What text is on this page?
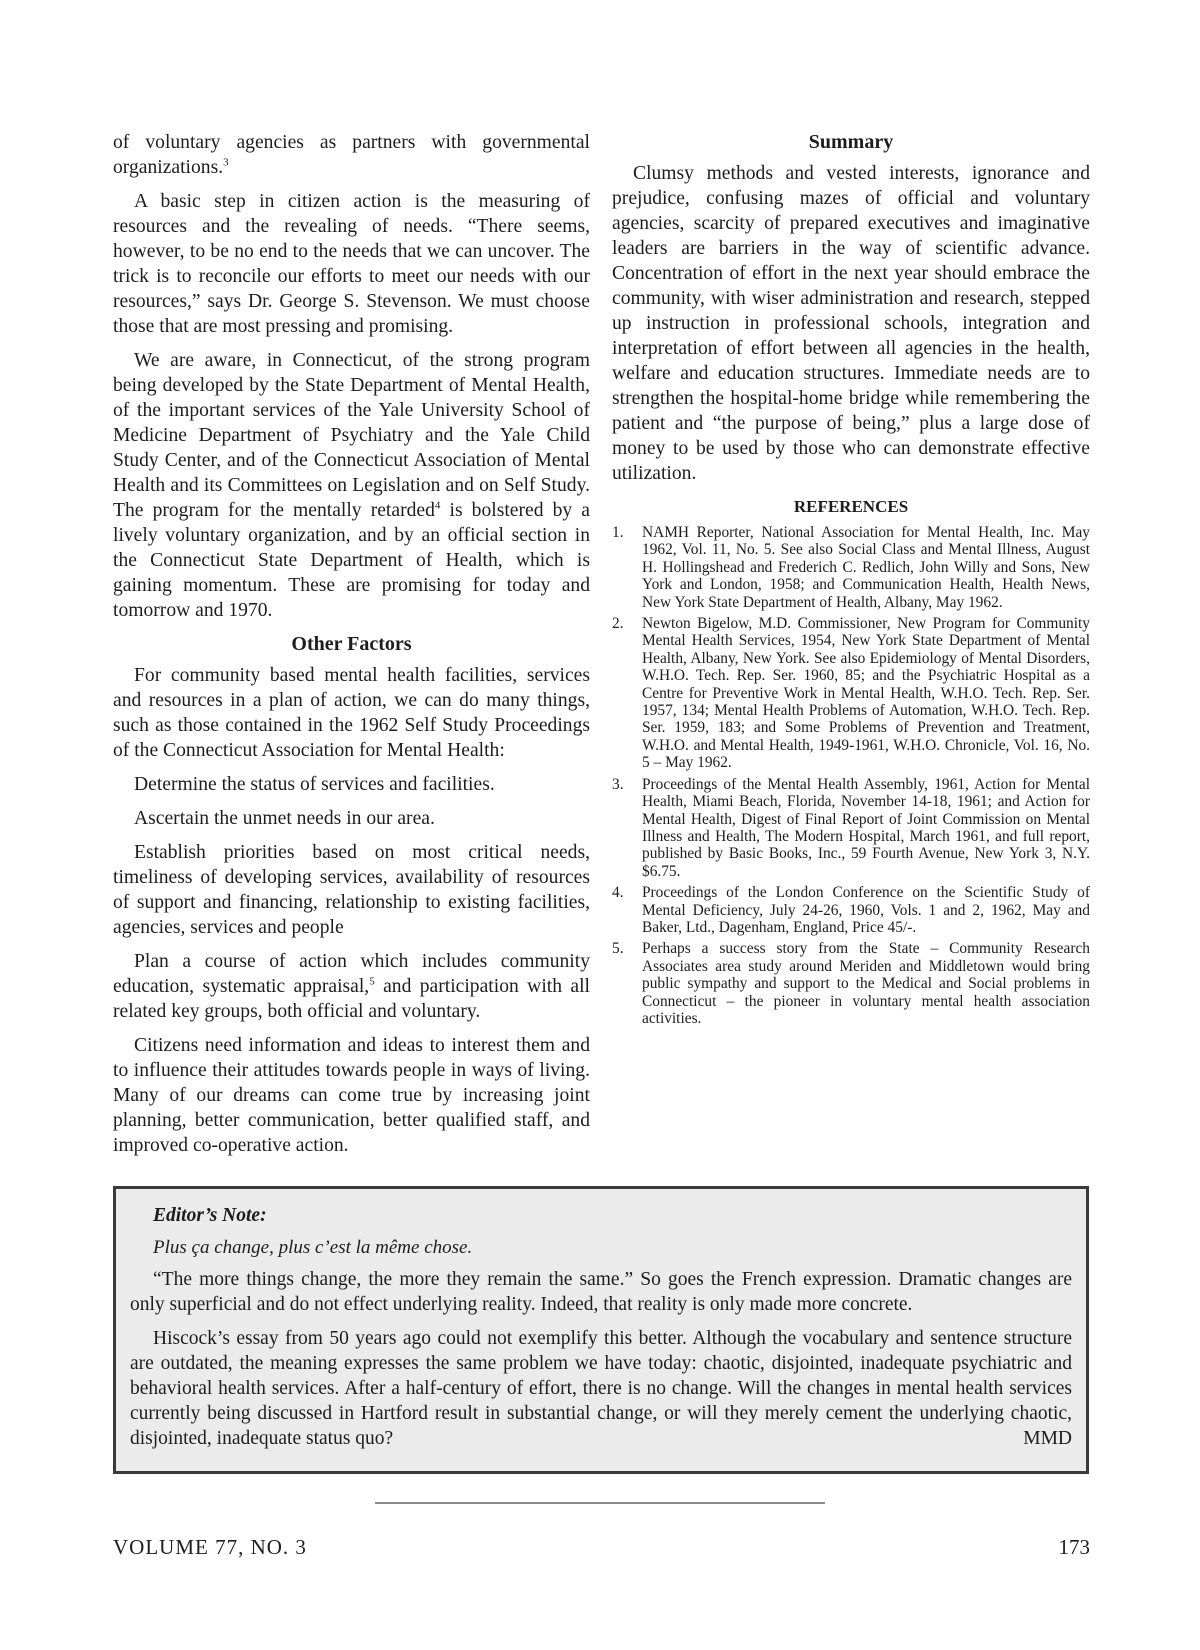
of voluntary agencies as partners with governmental organizations.$^3$

A basic step in citizen action is the measuring of resources and the revealing of needs. “There seems, however, to be no end to the needs that we can uncover. The trick is to reconcile our efforts to meet our needs with our resources,” says Dr. George S. Stevenson. We must choose those that are most pressing and promising.

We are aware, in Connecticut, of the strong program being developed by the State Department of Mental Health, of the important services of the Yale University School of Medicine Department of Psychiatry and the Yale Child Study Center, and of the Connecticut Association of Mental Health and its Committees on Legislation and on Self Study. The program for the mentally retarded$^4$ is bolstered by a lively voluntary organization, and by an official section in the Connecticut State Department of Health, which is gaining momentum. These are promising for today and tomorrow and 1970.

Other Factors

For community based mental health facilities, services and resources in a plan of action, we can do many things, such as those contained in the 1962 Self Study Proceedings of the Connecticut Association for Mental Health:

Determine the status of services and facilities.

Ascertain the unmet needs in our area.

Establish priorities based on most critical needs, timeliness of developing services, availability of resources of support and financing, relationship to existing facilities, agencies, services and people

Plan a course of action which includes community education, systematic appraisal,$^5$ and participation with all related key groups, both official and voluntary.

Citizens need information and ideas to interest them and to influence their attitudes towards people in ways of living. Many of our dreams can come true by increasing joint planning, better communication, better qualified staff, and improved co-operative action.

Summary

Clumsy methods and vested interests, ignorance and prejudice, confusing mazes of official and voluntary agencies, scarcity of prepared executives and imaginative leaders are barriers in the way of scientific advance. Concentration of effort in the next year should embrace the community, with wiser administration and research, stepped up instruction in professional schools, integration and interpretation of effort between all agencies in the health, welfare and education structures. Immediate needs are to strengthen the hospital-home bridge while remembering the patient and “the purpose of being,” plus a large dose of money to be used by those who can demonstrate effective utilization.

REFERENCES
1.	NAMH Reporter, National Association for Mental Health, Inc. May 1962, Vol. 11, No. 5. See also Social Class and Mental Illness, August H. Hollingshead and Frederich C. Redlich, John Willy and Sons, New York and London, 1958; and Communication Health, Health News, New York State Department of Health, Albany, May 1962.
2.	Newton Bigelow, M.D. Commissioner, New Program for Community Mental Health Services, 1954, New York State Department of Mental Health, Albany, New York. See also Epidemiology of Mental Disorders, W.H.O. Tech. Rep. Ser. 1960, 85; and the Psychiatric Hospital as a Centre for Preventive Work in Mental Health, W.H.O. Tech. Rep. Ser. 1957, 134; Mental Health Problems of Automation, W.H.O. Tech. Rep. Ser. 1959, 183; and Some Problems of Prevention and Treatment, W.H.O. and Mental Health, 1949-1961, W.H.O. Chronicle, Vol. 16, No. 5 – May 1962.
3.	Proceedings of the Mental Health Assembly, 1961, Action for Mental Health, Miami Beach, Florida, November 14-18, 1961; and Action for Mental Health, Digest of Final Report of Joint Commission on Mental Illness and Health, The Modern Hospital, March 1961, and full report, published by Basic Books, Inc., 59 Fourth Avenue, New York 3, N.Y. $6.75.
4.	Proceedings of the London Conference on the Scientific Study of Mental Deficiency, July 24-26, 1960, Vols. 1 and 2, 1962, May and Baker, Ltd., Dagenham, England, Price 45/-.
5.	Perhaps a success story from the State – Community Research Associates area study around Meriden and Middletown would bring public sympathy and support to the Medical and Social problems in Connecticut – the pioneer in voluntary mental health association activities.
Editor’s Note:
Plus ça change, plus c’est la même chose.

“The more things change, the more they remain the same.” So goes the French expression. Dramatic changes are only superficial and do not effect underlying reality. Indeed, that reality is only made more concrete.

Hiscock’s essay from 50 years ago could not exemplify this better. Although the vocabulary and sentence structure are outdated, the meaning expresses the same problem we have today: chaotic, disjointed, inadequate psychiatric and behavioral health services. After a half-century of effort, there is no change. Will the changes in mental health services currently being discussed in Hartford result in substantial change, or will they merely cement the underlying chaotic, disjointed, inadequate status quo?	MMD

VOLUME 77, NO. 3	173
